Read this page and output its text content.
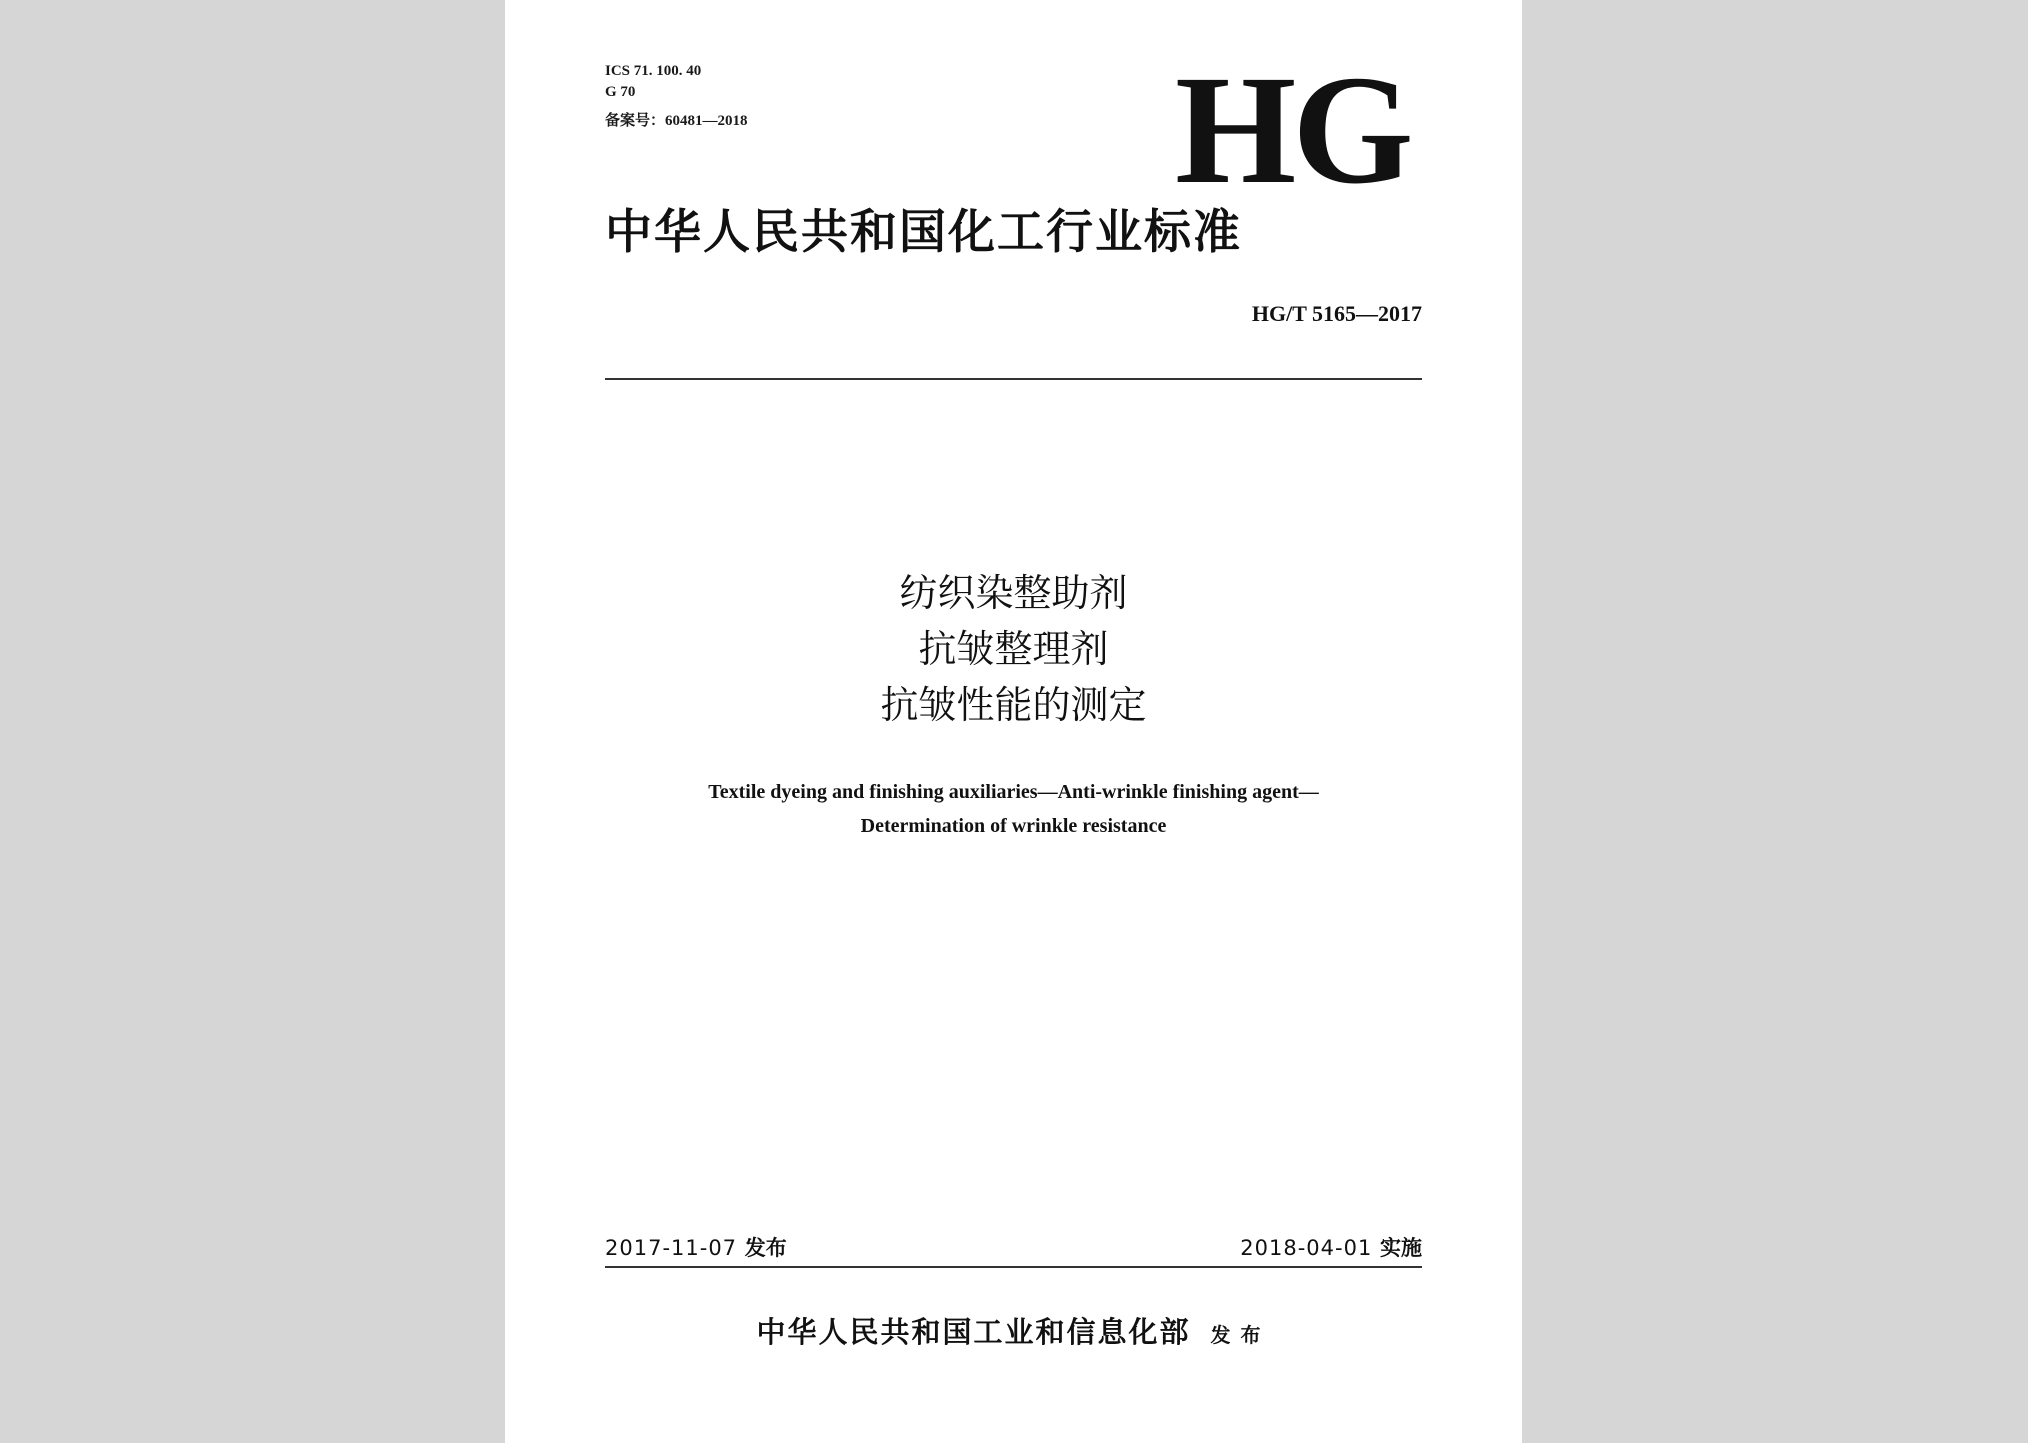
ICS 71. 100. 40
G 70
备案号：60481—2018	HG
中华人民共和国化工行业标准
HG/T 5165—2017
纺织染整助剂
抗皱整理剂
抗皱性能的测定
Textile dyeing and finishing auxiliaries—Anti-wrinkle finishing agent—
Determination of wrinkle resistance
2017-11-07 发布	2018-04-01 实施
中华人民共和国工业和信息化部 发布
